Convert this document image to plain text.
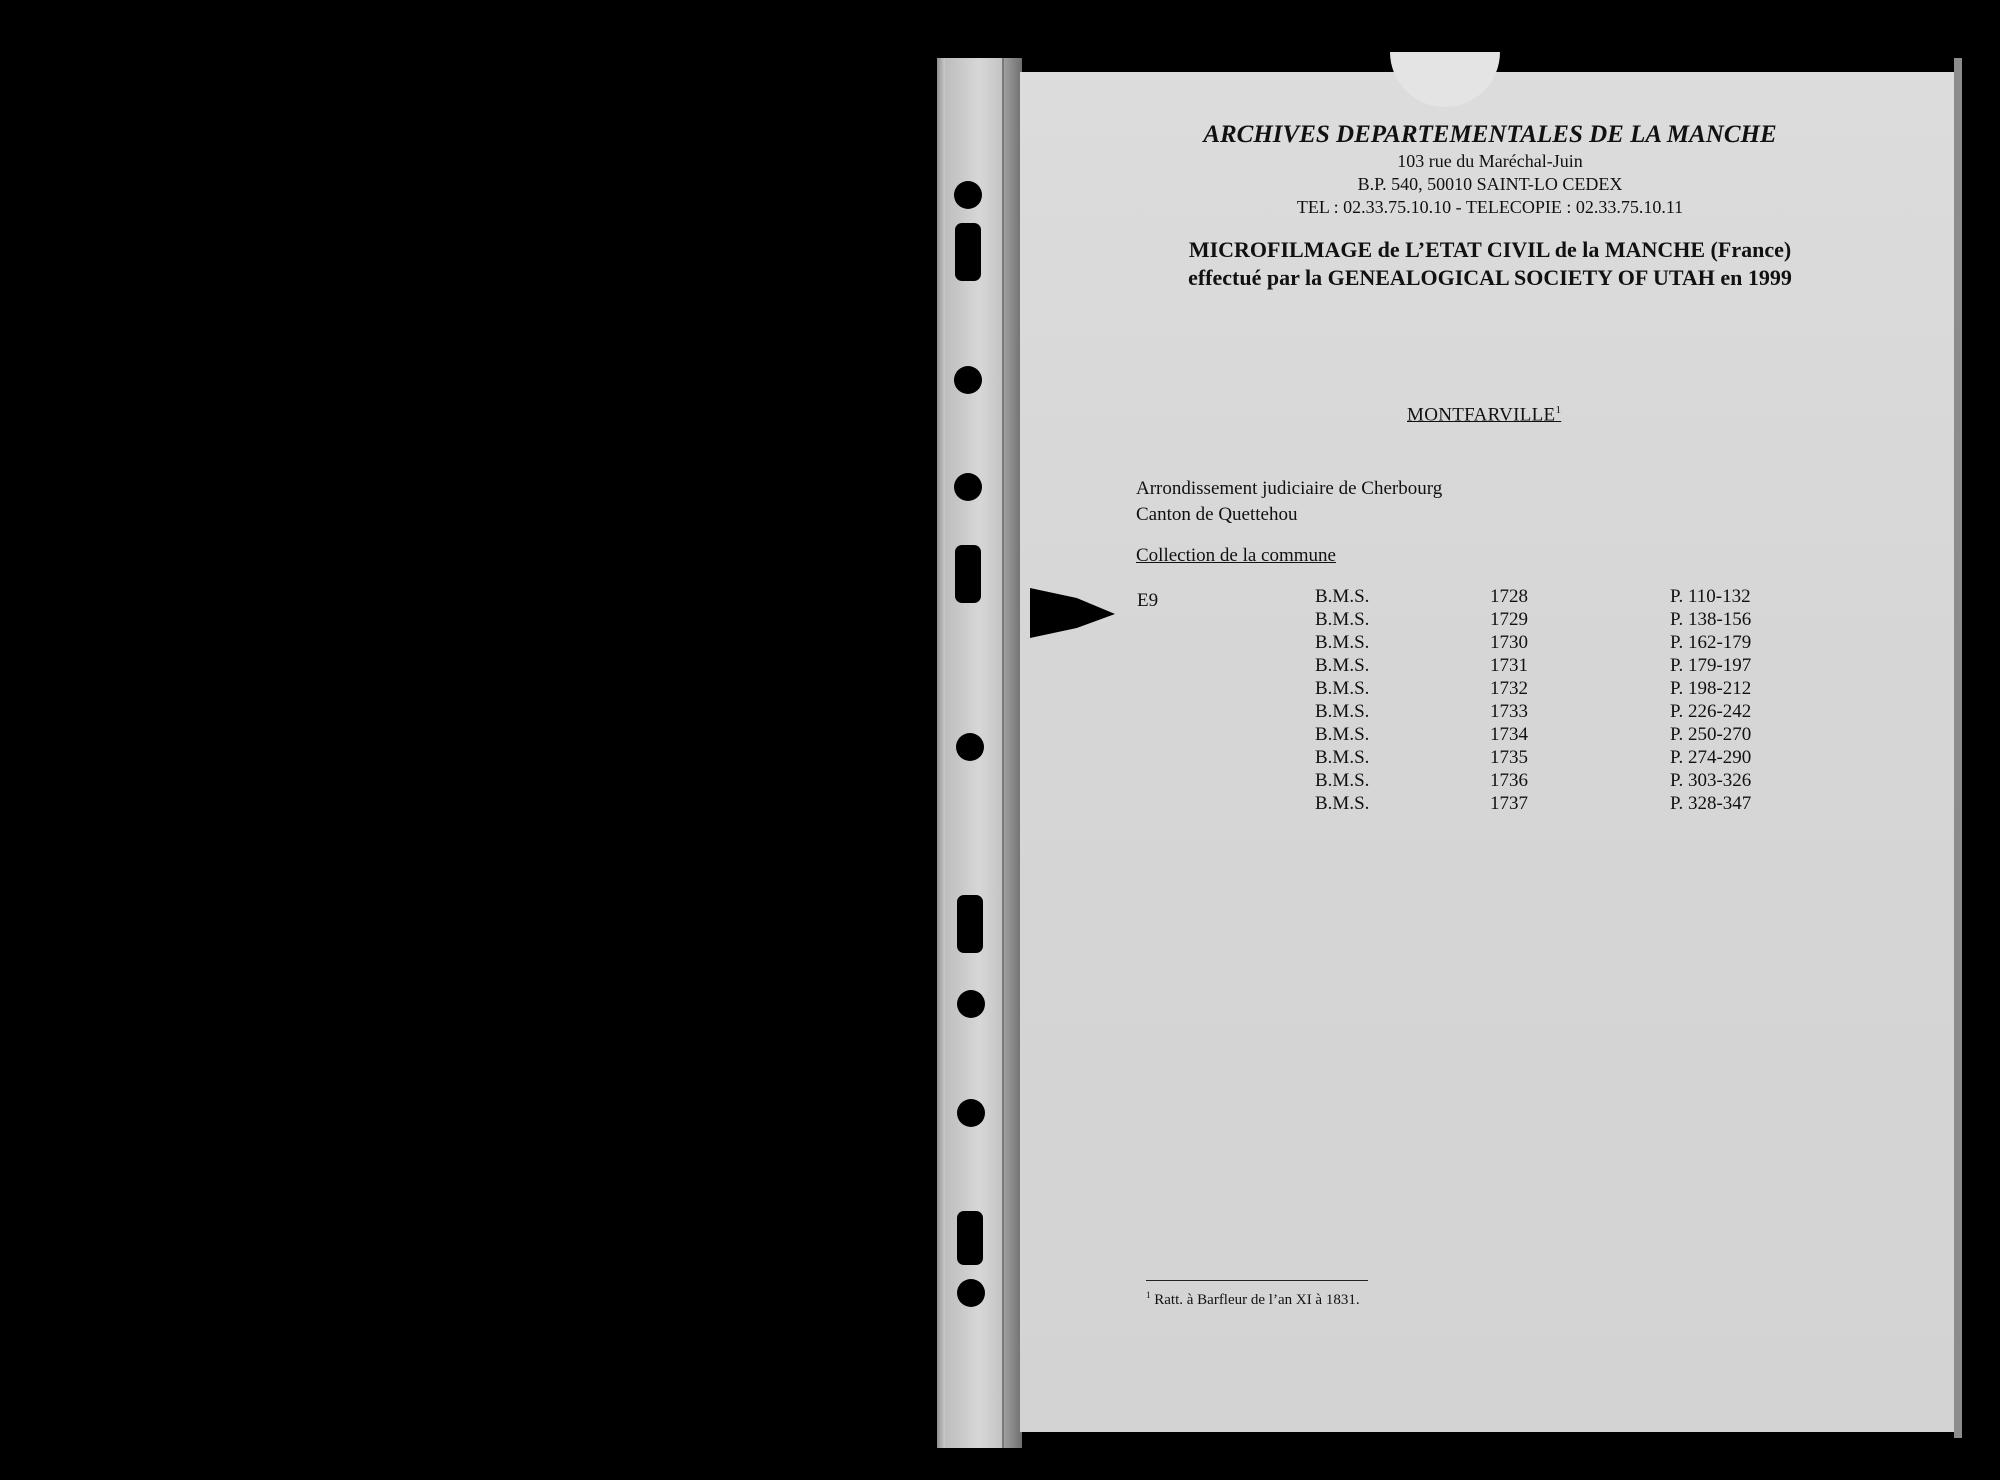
ARCHIVES DEPARTEMENTALES DE LA MANCHE

103 rue du Maréchal-Juin

B.P. 540, 50010 SAINT-LO CEDEX

TEL : 02.33.75.10.10 - TELECOPIE : 02.33.75.10.11

MICROFILMAGE de L’ETAT CIVIL de la MANCHE (France)

effectué par la GENEALOGICAL SOCIETY OF UTAH en 1999

MONTFARVILLE$^1$

Arrondissement judiciaire de Cherbourg

Canton de Quettehou

Collection de la commune
E9	B.M.S.	1728	P. 110-132
B.M.S.	1729	P. 138-156
B.M.S.	1730	P. 162-179
B.M.S.	1731	P. 179-197
B.M.S.	1732	P. 198-212
B.M.S.	1733	P. 226-242
B.M.S.	1734	P. 250-270
B.M.S.	1735	P. 274-290
B.M.S.	1736	P. 303-326
B.M.S.	1737	P. 328-347
$^1$ Ratt. à Barfleur de l’an XI à 1831.
